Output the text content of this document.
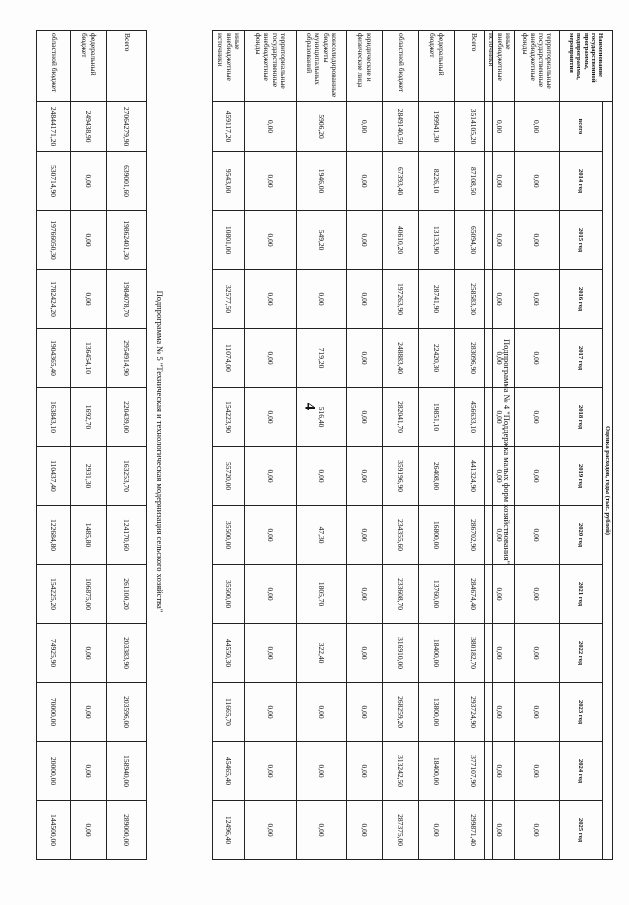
4
Наименование государственной программы, подпрограммы, мероприятия	Оценка расходов, годы (тыс. рублей)												
	всего	2014 год	2015 год	2016 год	2017 год	2018 год	2019 год	2020 год	2021 год	2022 год	2023 год	2024 год	2025 год
территориальные государственные внебюджетные фонды	0,00	0,00	0,00	0,00	0,00	0,00	0,00	0,00	0,00	0,00	0,00	0,00	0,00
иные внебюджетные источники	0,00	0,00	0,00	0,00	0,00	0,00	0,00	0,00	0,00	0,00	0,00	0,00	0,00
Подпрограмма № 4 "Поддержка малых форм хозяйствования"
Всего	3514105,20	87108,50	65094,30	258583,30	283096,90	456633,10	441324,90	286702,90	284674,40	380182,70	293724,90	377107,90	299871,40
федеральный бюджет	199941,30	8226,10	13133,90	28741,90	22420,30	19851,10	26408,00	16800,00	13760,00	18400,00	13800,00	18400,00	0,00
областной бюджет	2849140,50	67393,40	40610,20	197263,90	248883,40	282041,70	359196,90	234355,60	233608,70	316910,00	268259,20	313242,50	287375,00
юридические и физические лица	0,00	0,00	0,00	0,00	0,00	0,00	0,00	0,00	0,00	0,00	0,00	0,00	0,00
консолидированные бюджеты муниципальных образований	5906,20	1946,00	549,20	0,00	719,20	516,40	0,00	47,30	1805,70	322,40	0,00	0,00	0,00
территориальные государственные внебюджетные фонды	0,00	0,00	0,00	0,00	0,00	0,00	0,00	0,00	0,00	0,00	0,00	0,00	0,00
иные внебюджетные источники	459117,20	9543,00	10801,00	32577,50	11074,00	154223,90	55720,00	35500,00	35500,00	44550,30	11665,70	45465,40	12496,40
Подпрограмма № 5 "Техническая и технологическая модернизация сельского хозяйства"
Всего	27064279,90	639001,60	19862401,30	1984078,70	2954914,90	220439,00	163253,70	124170,60	261100,20	203383,90	203596,00	158940,00	289000,00
федеральный бюджет	249438,90	0,00	0,00	0,00	136454,10	1692,70	2931,30	1485,80	106875,00	0,00	0,00	0,00	0,00
областной бюджет	24844171,20	530714,90	19766050,30	1782424,20	1904365,40	163843,10	110437,40	122684,80	154225,20	74925,90	70000,00	20000,00	144500,00
